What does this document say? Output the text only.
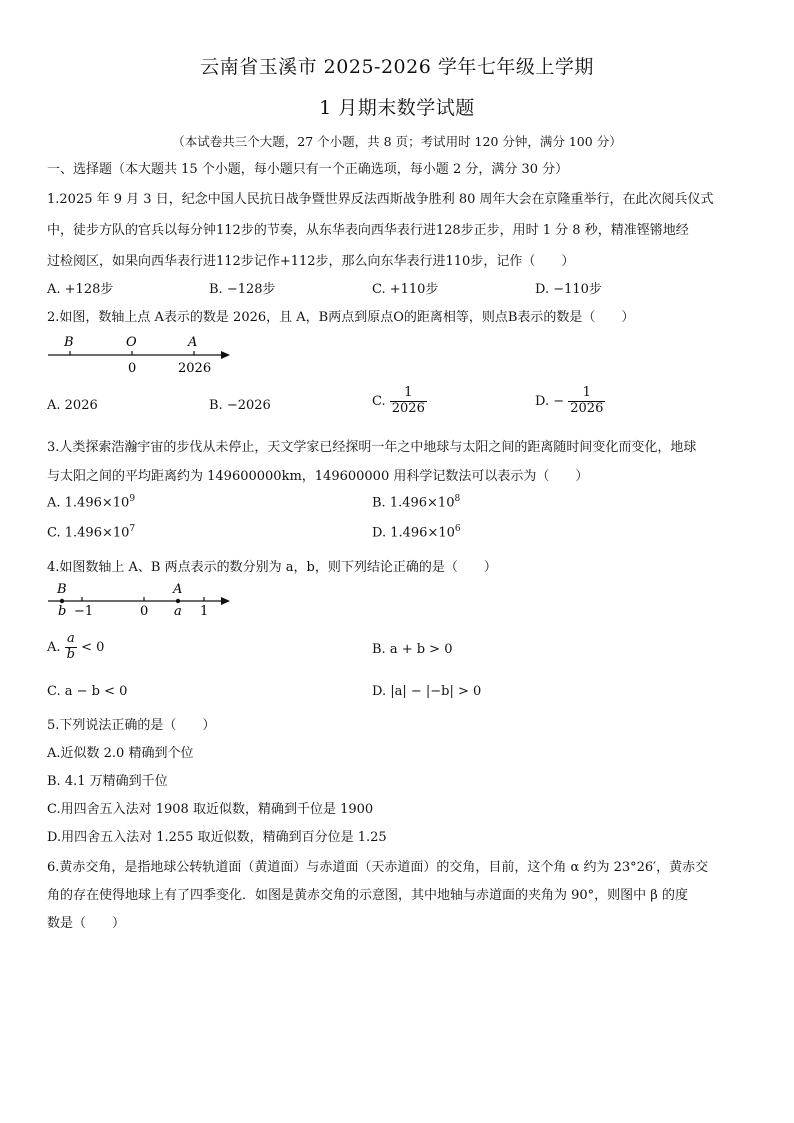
云南省玉溪市 2025-2026 学年七年级上学期
1 月期末数学试题
（本试卷共三个大题，27 个小题，共 8 页；考试用时 120 分钟，满分 100 分）
一、选择题（本大题共 15 个小题，每小题只有一个正确选项，每小题 2 分，满分 30 分）
1.2025 年 9 月 3 日，纪念中国人民抗日战争暨世界反法西斯战争胜利 80 周年大会在京隆重举行，在此次阅兵仪式
中，徒步方队的官兵以每分钟112步的节奏，从东华表向西华表行进128步正步，用时 1 分 8 秒，精准铿锵地经
过检阅区，如果向西华表行进112步记作+112步，那么向东华表行进110步，记作（　　）
A. +128步	B. −128步	C. +110步	D. −110步
2.如图，数轴上点 A表示的数是 2026，且 A，B两点到原点O的距离相等，则点B表示的数是（　　）
B	O	A
0	2026
A. 2026	B. −2026	C. $\frac{1}{2026}$	D. − $\frac{1}{2026}$
3.人类探索浩瀚宇宙的步伐从未停止，天文学家已经探明一年之中地球与太阳之间的距离随时间变化而变化，地球
与太阳之间的平均距离约为 149600000km，149600000 用科学记数法可以表示为（　　）
A. $1.496\times 10^9$	B. $1.496\times 10^8$
C. $1.496\times 10^7$	D. $1.496\times 10^6$
4.如图数轴上 A、B 两点表示的数分别为 a，b，则下列结论正确的是（　　）
B
b −1	0
A
a 1
A. $\frac{a}{b} < 0$	B. a + b > 0
C. a − b < 0	D. |a| − |−b| > 0
5.下列说法正确的是（　　）
A.近似数 2.0 精确到个位
B. 4.1 万精确到千位
C.用四舍五入法对 1908 取近似数，精确到千位是 1900
D.用四舍五入法对 1.255 取近似数，精确到百分位是 1.25
6.黄赤交角，是指地球公转轨道面（黄道面）与赤道面（天赤道面）的交角，目前，这个角 α 约为 23°26′，黄赤交
角的存在使得地球上有了四季变化．如图是黄赤交角的示意图，其中地轴与赤道面的夹角为 90°，则图中 β 的度
数是（　　）
